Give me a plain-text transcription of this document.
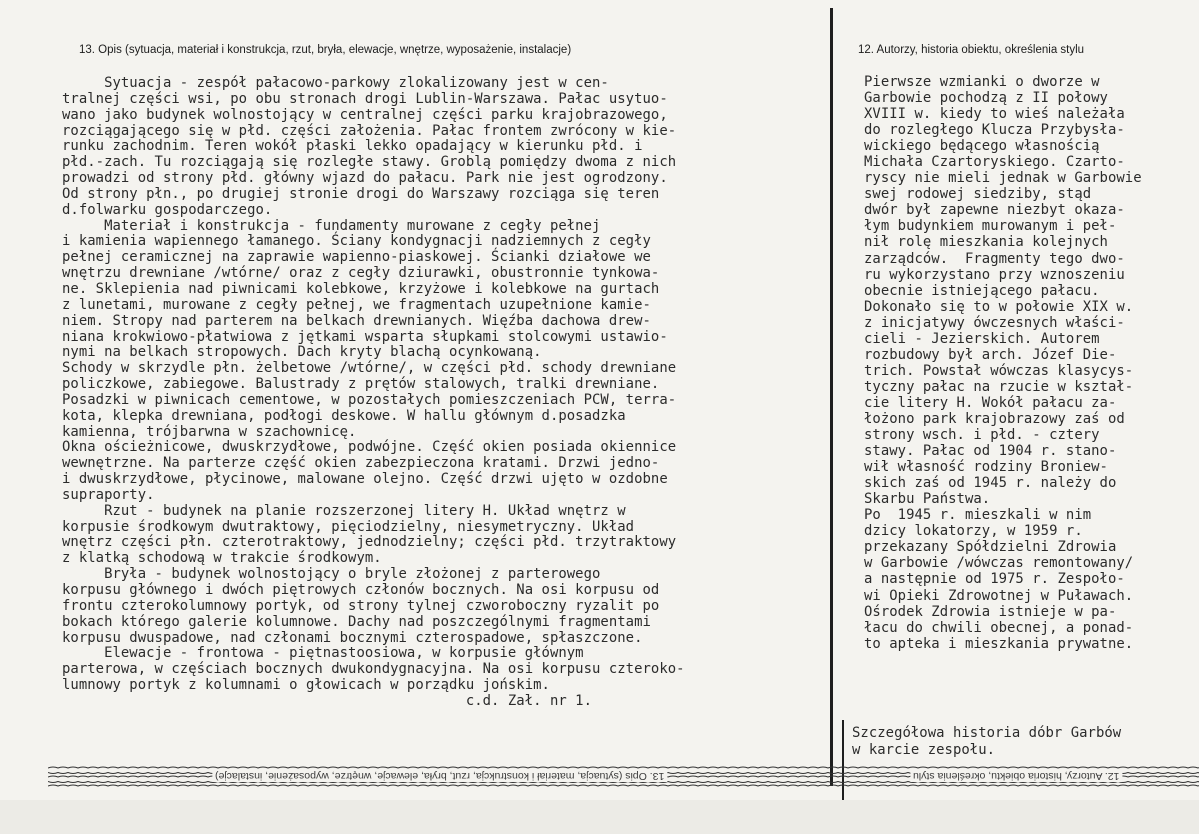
13. Opis (sytuacja, materiał i konstrukcja, rzut, bryła, elewacje, wnętrze, wyposażenie, instalacje)	12. Autorzy, historia obiektu, określenia stylu
Sytuacja - zespół pałacowo-parkowy zlokalizowany jest w cen-
tralnej części wsi, po obu stronach drogi Lublin-Warszawa. Pałac usytuo-
wano jako budynek wolnostojący w centralnej części parku krajobrazowego,
rozciągającego się w płd. części założenia. Pałac frontem zwrócony w kie-
runku zachodnim. Teren wokół płaski lekko opadający w kierunku płd. i
płd.-zach. Tu rozciągają się rozległe stawy. Groblą pomiędzy dwoma z nich
prowadzi od strony płd. główny wjazd do pałacu. Park nie jest ogrodzony.
Od strony płn., po drugiej stronie drogi do Warszawy rozciąga się teren
d.folwarku gospodarczego.
Materiał i konstrukcja - fundamenty murowane z cegły pełnej
i kamienia wapiennego łamanego. Ściany kondygnacji nadziemnych z cegły
pełnej ceramicznej na zaprawie wapienno-piaskowej. Ścianki działowe we
wnętrzu drewniane /wtórne/ oraz z cegły dziurawki, obustronnie tynkowa-
ne. Sklepienia nad piwnicami kolebkowe, krzyżowe i kolebkowe na gurtach
z lunetami, murowane z cegły pełnej, we fragmentach uzupełnione kamie-
niem. Stropy nad parterem na belkach drewnianych. Więźba dachowa drew-
niana krokwiowo-płatwiowa z jętkami wsparta słupkami stolcowymi ustawio-
nymi na belkach stropowych. Dach kryty blachą ocynkowaną.
Schody w skrzydle płn. żelbetowe /wtórne/, w części płd. schody drewniane
policzkowe, zabiegowe. Balustrady z prętów stalowych, tralki drewniane.
Posadzki w piwnicach cementowe, w pozostałych pomieszczeniach PCW, terra-
kota, klepka drewniana, podłogi deskowe. W hallu głównym d.posadzka
kamienna, trójbarwna w szachownicę.
Okna ościeżnicowe, dwuskrzydłowe, podwójne. Część okien posiada okiennice
wewnętrzne. Na parterze część okien zabezpieczona kratami. Drzwi jedno-
i dwuskrzydłowe, płycinowe, malowane olejno. Część drzwi ujęto w ozdobne
supraporty.
Rzut - budynek na planie rozszerzonej litery H. Układ wnętrz w
korpusie środkowym dwutraktowy, pięciodzielny, niesymetryczny. Układ
wnętrz części płn. czterotraktowy, jednodzielny; części płd. trzytraktowy
z klatką schodową w trakcie środkowym.
Bryła - budynek wolnostojący o bryle złożonej z parterowego
korpusu głównego i dwóch piętrowych członów bocznych. Na osi korpusu od
frontu czterokolumnowy portyk, od strony tylnej czworoboczny ryzalit po
bokach którego galerie kolumnowe. Dachy nad poszczególnymi fragmentami
korpusu dwuspadowe, nad członami bocznymi czterospadowe, spłaszczone.
Elewacje - frontowa - piętnastoosiowa, w korpusie głównym
parterowa, w częściach bocznych dwukondygnacyjna. Na osi korpusu czteroko-
lumnowy portyk z kolumnami o głowicach w porządku jońskim.
c.d. Zał. nr 1.
Pierwsze wzmianki o dworze w
Garbowie pochodzą z II połowy
XVIII w. kiedy to wieś należała
do rozległego Klucza Przybysła-
wickiego będącego własnością
Michała Czartoryskiego. Czarto-
ryscy nie mieli jednak w Garbowie
swej rodowej siedziby, stąd
dwór był zapewne niezbyt okaza-
łym budynkiem murowanym i peł-
nił rolę mieszkania kolejnych
zarządców.  Fragmenty tego dwo-
ru wykorzystano przy wznoszeniu
obecnie istniejącego pałacu.
Dokonało się to w połowie XIX w.
z inicjatywy ówczesnych właści-
cieli - Jezierskich. Autorem
rozbudowy był arch. Józef Die-
trich. Powstał wówczas klasycys-
tyczny pałac na rzucie w kształ-
cie litery H. Wokół pałacu za-
łożono park krajobrazowy zaś od
strony wsch. i płd. - cztery
stawy. Pałac od 1904 r. stano-
wił własność rodziny Broniew-
skich zaś od 1945 r. należy do
Skarbu Państwa.
Po  1945 r. mieszkali w nim
dzicy lokatorzy, w 1959 r.
przekazany Spółdzielni Zdrowia
w Garbowie /wówczas remontowany/
a następnie od 1975 r. Zespoło-
wi Opieki Zdrowotnej w Puławach.
Ośrodek Zdrowia istnieje w pa-
łacu do chwili obecnej, a ponad-
to apteka i mieszkania prywatne.
Szczegółowa historia dóbr Garbów
w karcie zespołu.
13. Opis (sytuacja, materiał i konstrukcja, rzut, bryła, elewacje, wnętrze, wyposażenie, instalacje)	12. Autorzy, historia obiektu, określenia stylu
